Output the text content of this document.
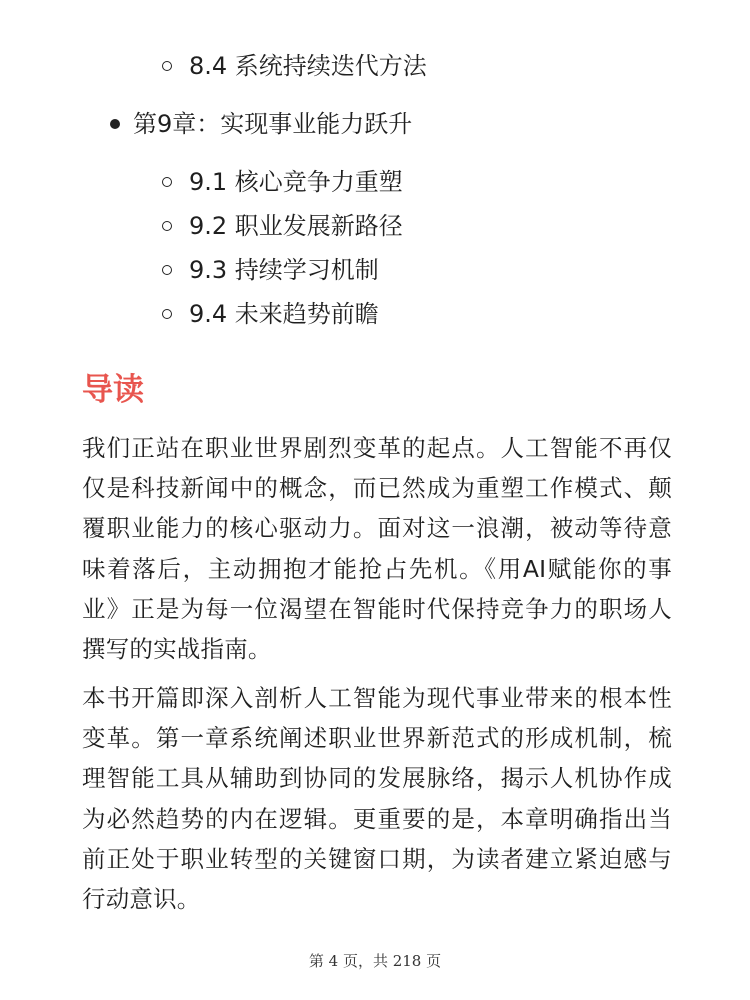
8.4 系统持续迭代方法
第9章：实现事业能力跃升
9.1 核心竞争力重塑
9.2 职业发展新路径
9.3 持续学习机制
9.4 未来趋势前瞻
导读

我们正站在职业世界剧烈变革的起点。人工智能不再仅仅是科技新闻中的概念，而已然成为重塑工作模式、颠覆职业能力的核心驱动力。面对这一浪潮，被动等待意味着落后，主动拥抱才能抢占先机。《用AI赋能你的事业》正是为每一位渴望在智能时代保持竞争力的职场人撰写的实战指南。

本书开篇即深入剖析人工智能为现代事业带来的根本性变革。第一章系统阐述职业世界新范式的形成机制，梳理智能工具从辅助到协同的发展脉络，揭示人机协作成为必然趋势的内在逻辑。更重要的是，本章明确指出当前正处于职业转型的关键窗口期，为读者建立紧迫感与行动意识。

第 4 页，共 218 页
